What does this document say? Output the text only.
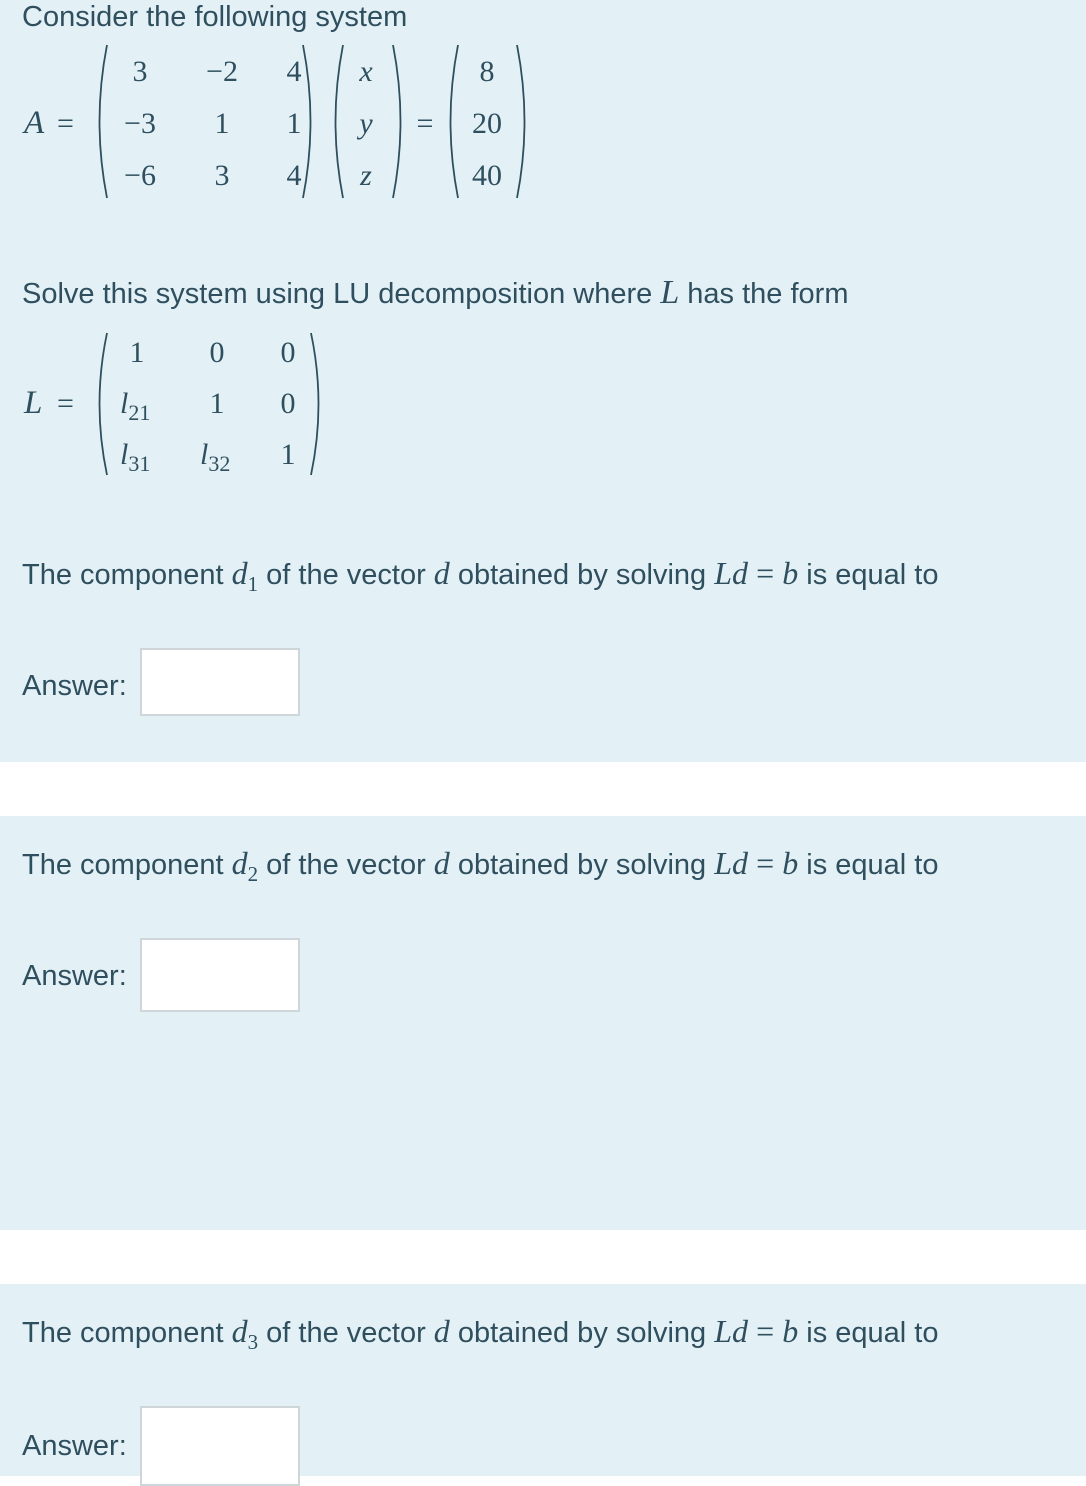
Consider the following system
A =
3 −2 4
−3 1 1
−6 3 4
x
y
z
=
8
20
40
Solve this system using LU decomposition where L has the form
L =
1 0 0
$l_{21}$ 1 0
$l_{31}$ $l_{32}$ 1
The component $d_1$ of the vector d obtained by solving Ld = b is equal to
Answer:
The component $d_2$ of the vector d obtained by solving Ld = b is equal to
Answer:
The component $d_3$ of the vector d obtained by solving Ld = b is equal to
Answer:
